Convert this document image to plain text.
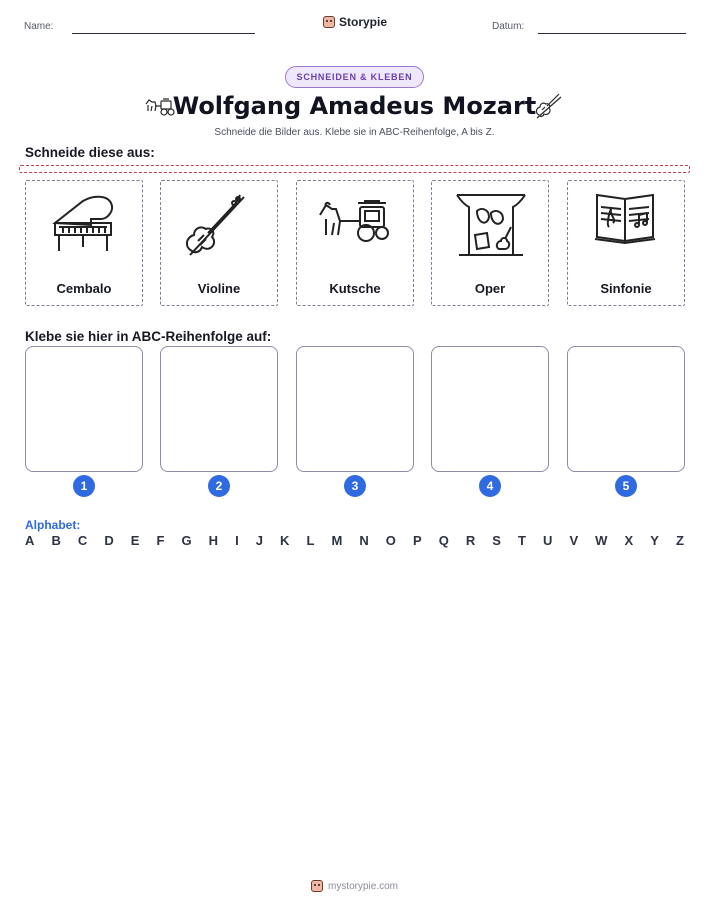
Name:	Storypie	Datum:
SCHNEIDEN & KLEBEN
Wolfgang Amadeus Mozart
Schneide die Bilder aus. Klebe sie in ABC-Reihenfolge, A bis Z.
Schneide diese aus:
Cembalo	Violine	Kutsche	Oper	Sinfonie
Klebe sie hier in ABC-Reihenfolge auf:
1	2	3	4	5
Alphabet:
A B C D E F G H I J K L M N O P Q R S T U V W X Y Z
mystorypie.com
